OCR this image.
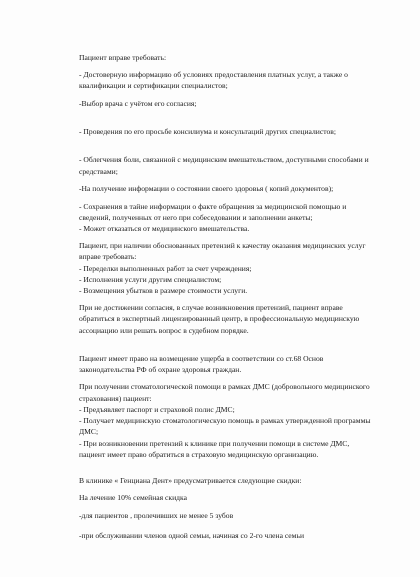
Пациент вправе требовать:
- Достоверную информацию об условиях предоставления платных услуг, а также о
квалификации и сертификации специалистов;
-Выбор врача с учётом его согласия;
- Проведения по его просьбе консилиума и консультаций других специалистов;
- Облегчения боли, связанной с медицинским вмешательством, доступными способами и
средствами;
-На получение информации о состоянии своего здоровья ( копий документов);
- Сохранения в тайне информации о факте обращения за медицинской помощью и
сведений, полученных от него при собеседовании и заполнении анкеты;
- Может отказаться от медицинского вмешательства.
Пациент, при наличии обоснованных претензий к качеству оказания медицинских услуг
вправе требовать:
- Переделки выполненных работ за счет учреждения;
- Исполнения услуги другим специалистом;
- Возмещения убытков в размере стоимости услуги.
При не достижении согласия, в случае возникновения претензий, пациент вправе
обратиться в экспертный лицензированный центр, в профессиональную медицинскую
ассоциацию или решать вопрос в судебном порядке.
Пациент имеет право на возмещение ущерба в соответствии со ст.68 Основ
законодательства РФ об охране здоровья граждан.
При получении стоматологической помощи в рамках ДМС (добровольного медицинского
страхования) пациент:
- Предъявляет паспорт и страховой полис ДМС;
- Получает медицинскую стоматологическую помощь в рамках утвержденной программы
ДМС;
- При возникновении претензий к клинике при получении помощи в системе ДМС,
пациент имеет право обратиться в страховую медицинскую организацию.
В клинике « Генциана Дент» предусматривается следующие скидки:
На лечение 10% семейная скидка
-для пациентов , пролечивших не менее 5 зубов
-при обслуживании членов одной семьи, начиная со 2-го члена семьи
